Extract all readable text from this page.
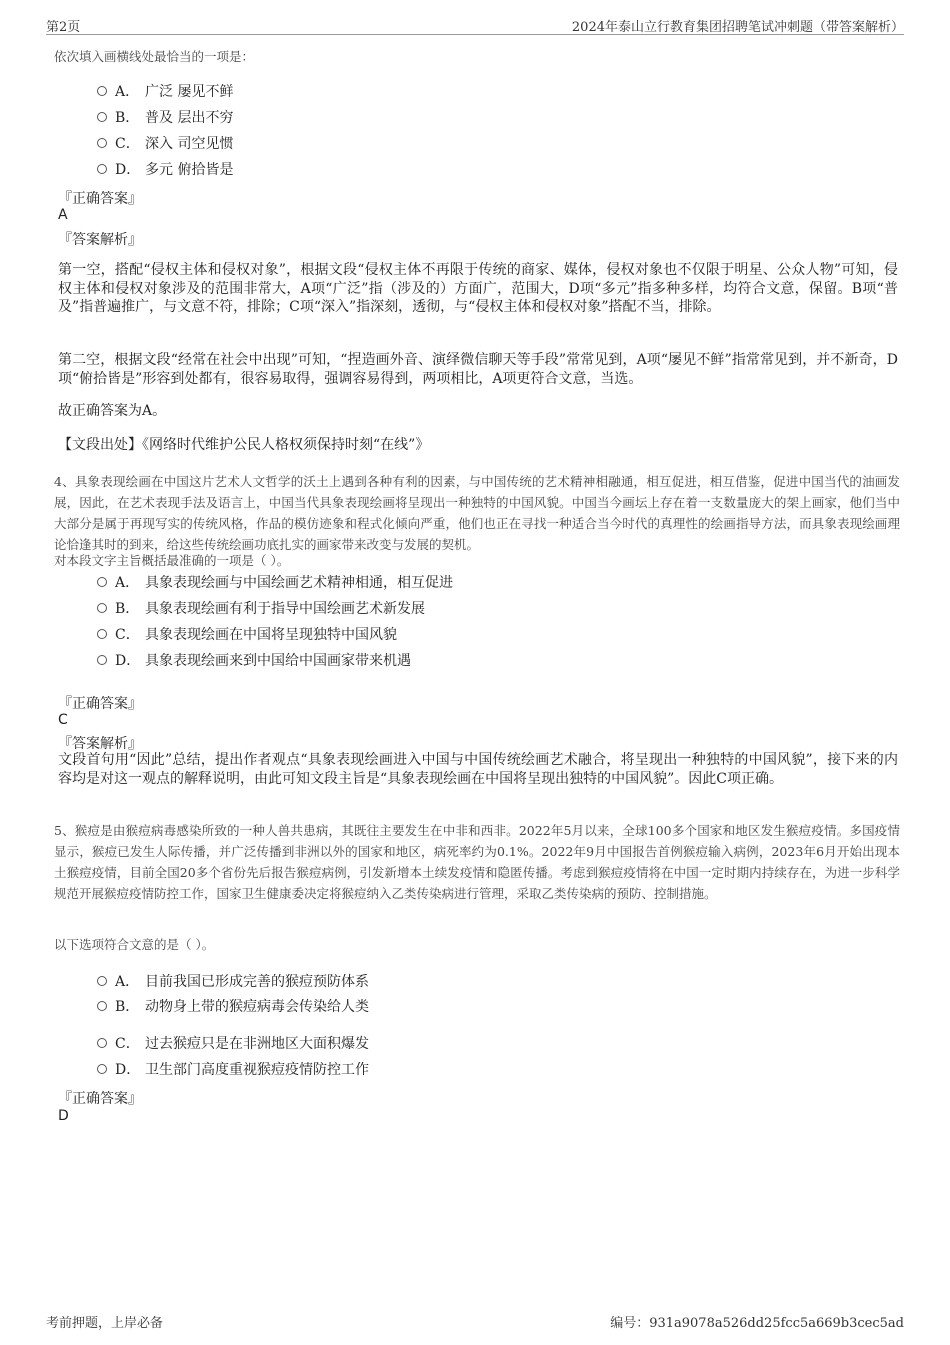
第2页	2024年泰山立行教育集团招聘笔试冲刺题（带答案解析）
依次填入画横线处最恰当的一项是：
A． 广泛 屡见不鲜
B． 普及 层出不穷
C． 深入 司空见惯
D． 多元 俯拾皆是
『正确答案』
A
『答案解析』
第一空，搭配“侵权主体和侵权对象”，根据文段“侵权主体不再限于传统的商家、媒体，侵权对象也不仅限于明星、公众人物”可知，侵权主体和侵权对象涉及的范围非常大，A项“广泛”指（涉及的）方面广，范围大，D项“多元”指多种多样，均符合文意，保留。B项“普及”指普遍推广，与文意不符，排除；C项“深入”指深刻，透彻，与“侵权主体和侵权对象”搭配不当，排除。
第二空，根据文段“经常在社会中出现”可知，“捏造画外音、演绎微信聊天等手段”常常见到，A项“屡见不鲜”指常常见到，并不新奇，D项“俯拾皆是”形容到处都有，很容易取得，强调容易得到，两项相比，A项更符合文意，当选。
故正确答案为A。
【文段出处】《网络时代维护公民人格权须保持时刻“在线”》
4、具象表现绘画在中国这片艺术人文哲学的沃土上遇到各种有利的因素，与中国传统的艺术精神相融通，相互促进，相互借鉴，促进中国当代的油画发展，因此，在艺术表现手法及语言上，中国当代具象表现绘画将呈现出一种独特的中国风貌。中国当今画坛上存在着一支数量庞大的架上画家，他们当中大部分是属于再现写实的传统风格，作品的模仿迹象和程式化倾向严重，他们也正在寻找一种适合当今时代的真理性的绘画指导方法，而具象表现绘画理论恰逢其时的到来，给这些传统绘画功底扎实的画家带来改变与发展的契机。
对本段文字主旨概括最准确的一项是（ ）。
A． 具象表现绘画与中国绘画艺术精神相通，相互促进
B． 具象表现绘画有利于指导中国绘画艺术新发展
C． 具象表现绘画在中国将呈现独特中国风貌
D． 具象表现绘画来到中国给中国画家带来机遇
『正确答案』
C
『答案解析』
文段首句用“因此”总结，提出作者观点“具象表现绘画进入中国与中国传统绘画艺术融合，将呈现出一种独特的中国风貌”，接下来的内容均是对这一观点的解释说明，由此可知文段主旨是“具象表现绘画在中国将呈现出独特的中国风貌”。因此C项正确。
5、猴痘是由猴痘病毒感染所致的一种人兽共患病，其既往主要发生在中非和西非。2022年5月以来，全球100多个国家和地区发生猴痘疫情。多国疫情显示，猴痘已发生人际传播，并广泛传播到非洲以外的国家和地区，病死率约为0.1%。2022年9月中国报告首例猴痘输入病例，2023年6月开始出现本土猴痘疫情，目前全国20多个省份先后报告猴痘病例，引发新增本土续发疫情和隐匿传播。考虑到猴痘疫情将在中国一定时期内持续存在，为进一步科学规范开展猴痘疫情防控工作，国家卫生健康委决定将猴痘纳入乙类传染病进行管理，采取乙类传染病的预防、控制措施。
以下选项符合文意的是（ ）。
A． 目前我国已形成完善的猴痘预防体系
B． 动物身上带的猴痘病毒会传染给人类
C． 过去猴痘只是在非洲地区大面积爆发
D． 卫生部门高度重视猴痘疫情防控工作
『正确答案』
D
考前押题，上岸必备	编号：931a9078a526dd25fcc5a669b3cec5ad
